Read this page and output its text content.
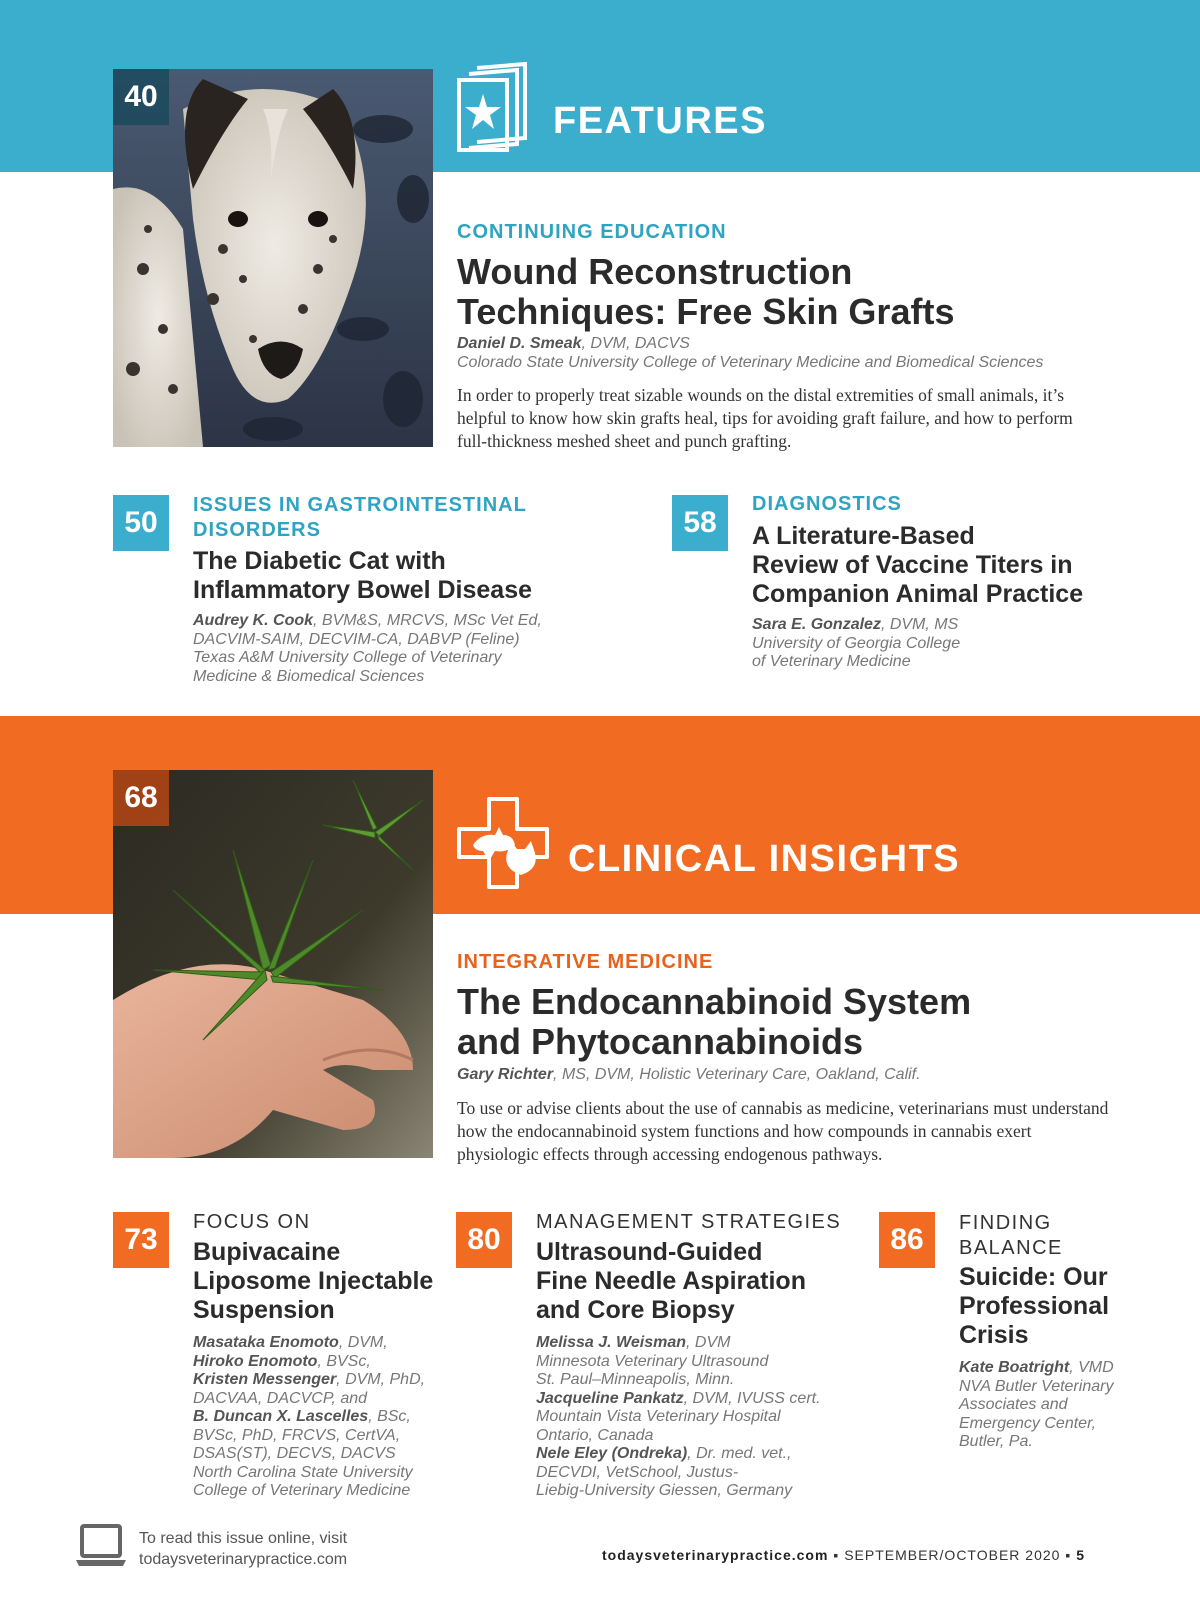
40
FEATURES
CONTINUING EDUCATION
Wound Reconstruction
Techniques: Free Skin Grafts
Daniel D. Smeak, DVM, DACVS
Colorado State University College of Veterinary Medicine and Biomedical Sciences
In order to properly treat sizable wounds on the distal extremities of small animals, it’s
helpful to know how skin grafts heal, tips for avoiding graft failure, and how to perform
full-thickness meshed sheet and punch grafting.
50
ISSUES IN GASTROINTESTINAL
DISORDERS
The Diabetic Cat with
Inflammatory Bowel Disease
Audrey K. Cook, BVM&S, MRCVS, MSc Vet Ed,
DACVIM-SAIM, DECVIM-CA, DABVP (Feline)
Texas A&M University College of Veterinary
Medicine & Biomedical Sciences
58
DIAGNOSTICS
A Literature-Based
Review of Vaccine Titers in
Companion Animal Practice
Sara E. Gonzalez, DVM, MS
University of Georgia College
of Veterinary Medicine
68
CLINICAL INSIGHTS
INTEGRATIVE MEDICINE
The Endocannabinoid System
and Phytocannabinoids
Gary Richter, MS, DVM, Holistic Veterinary Care, Oakland, Calif.
To use or advise clients about the use of cannabis as medicine, veterinarians must understand
how the endocannabinoid system functions and how compounds in cannabis exert
physiologic effects through accessing endogenous pathways.
73
FOCUS ON
Bupivacaine
Liposome Injectable
Suspension
Masataka Enomoto, DVM,
Hiroko Enomoto, BVSc,
Kristen Messenger, DVM, PhD,
DACVAA, DACVCP, and
B. Duncan X. Lascelles, BSc,
BVSc, PhD, FRCVS, CertVA,
DSAS(ST), DECVS, DACVS
North Carolina State University
College of Veterinary Medicine
80
MANAGEMENT STRATEGIES
Ultrasound-Guided
Fine Needle Aspiration
and Core Biopsy
Melissa J. Weisman, DVM
Minnesota Veterinary Ultrasound
St. Paul–Minneapolis, Minn.
Jacqueline Pankatz, DVM, IVUSS cert.
Mountain Vista Veterinary Hospital
Ontario, Canada
Nele Eley (Ondreka), Dr. med. vet.,
DECVDI, VetSchool, Justus-
Liebig-University Giessen, Germany
86	FINDING
BALANCE
Suicide: Our
Professional
Crisis
Kate Boatright, VMD
NVA Butler Veterinary
Associates and
Emergency Center,
Butler, Pa.
To read this issue online, visit
todaysveterinarypractice.com	todaysveterinarypractice.com ▪ SEPTEMBER/OCTOBER 2020 ▪ 5
